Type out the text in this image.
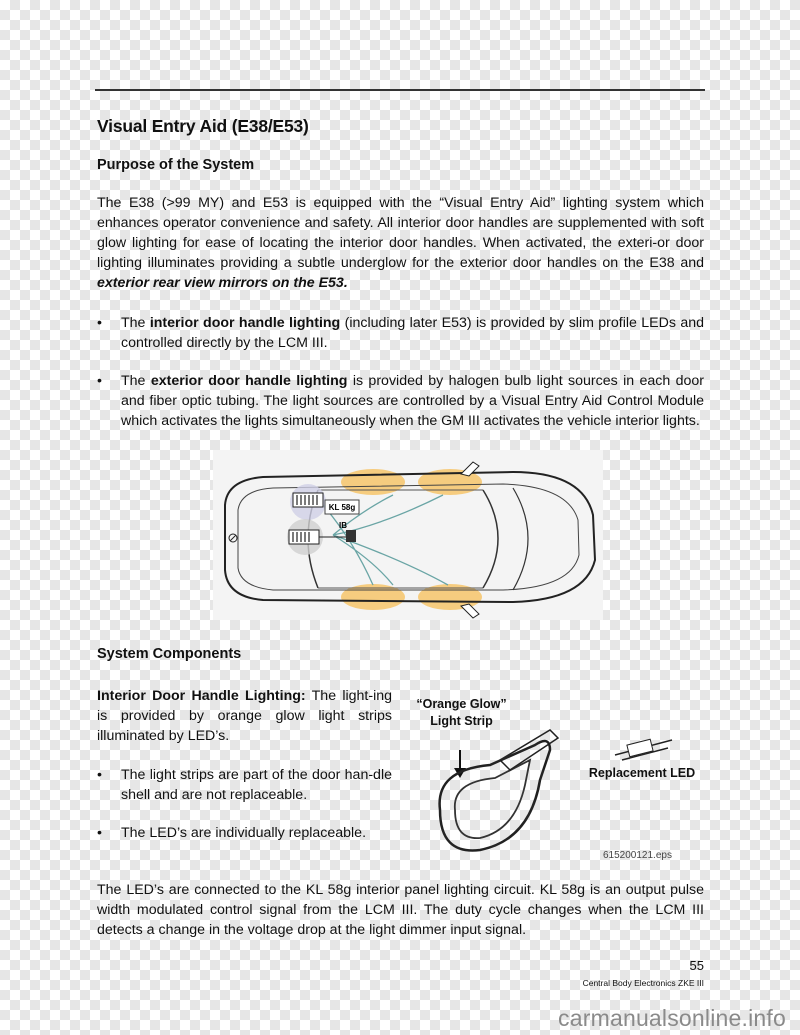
Visual Entry Aid (E38/E53)

Purpose of the System

The E38 (>99 MY) and E53 is equipped with the “Visual Entry Aid” lighting system which enhances operator convenience and safety. All interior door handles are supplemented with soft glow lighting for ease of locating the interior door handles. When activated, the exteri-or door lighting illuminates providing a subtle underglow for the exterior door handles on the E38 and exterior rear view mirrors on the E53.

• The interior door handle lighting (including later E53) is provided by slim profile LEDs and controlled directly by the LCM III.
• The exterior door handle lighting is provided by halogen bulb light sources in each door and fiber optic tubing. The light sources are controlled by a Visual Entry Aid Control Module which activates the lights simultaneously when the GM III activates the vehicle interior lights.
KL 58g
IB

System Components

Interior Door Handle Lighting: The light-ing is provided by orange glow light strips illuminated by LED’s.

• The light strips are part of the door han-dle shell and are not replaceable.
• The LED’s are individually replaceable.
“Orange Glow”
Light Strip
Replacement LED
615200121.eps

The LED’s are connected to the KL 58g interior panel lighting circuit. KL 58g is an output pulse width modulated control signal from the LCM III. The duty cycle changes when the LCM III detects a change in the voltage drop at the light dimmer input signal.

55
Central Body Electronics ZKE III
carmanualsonline.info
